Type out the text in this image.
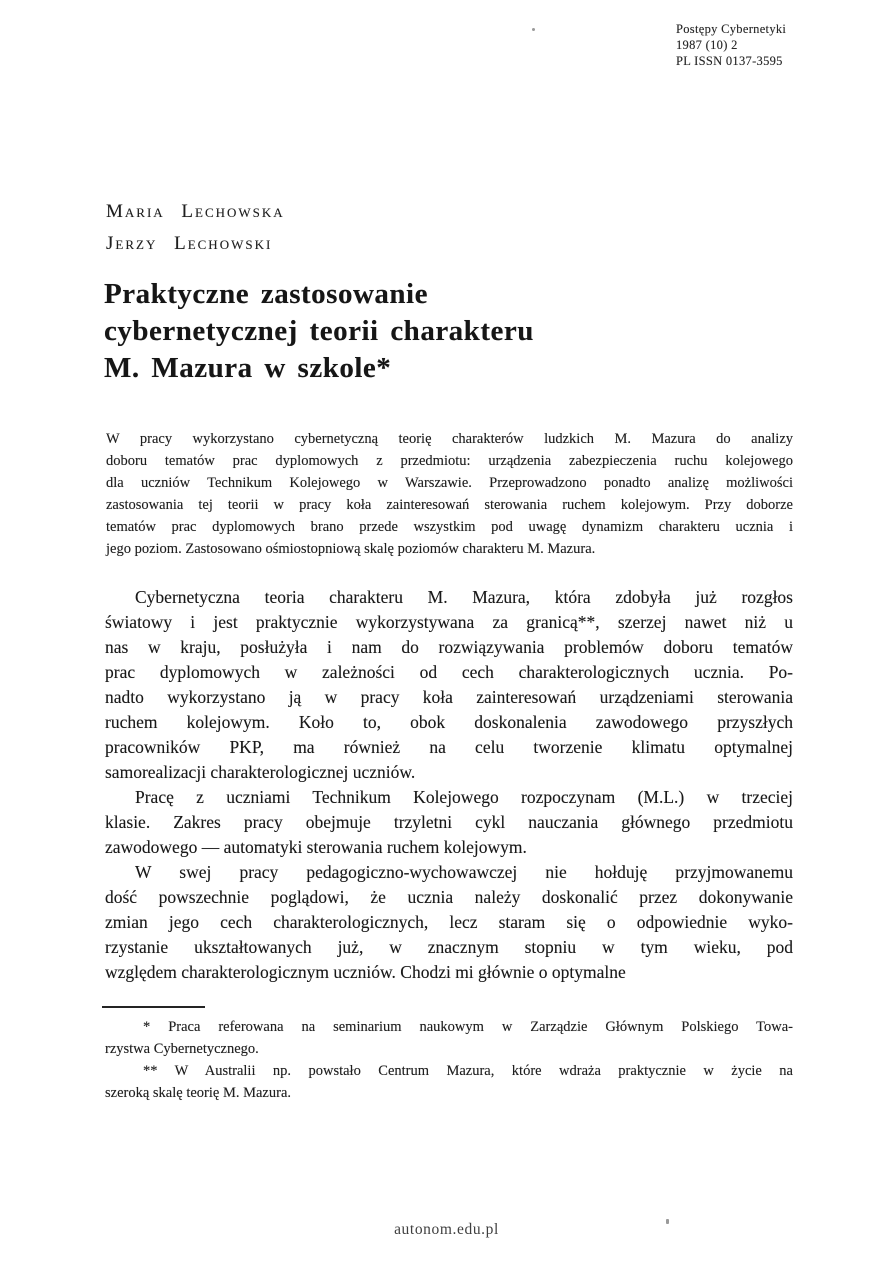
Postępy Cybernetyki
1987 (10) 2
PL ISSN 0137-3595
Maria Lechowska
Jerzy Lechowski
Praktyczne zastosowanie
cybernetycznej teorii charakteru
M. Mazura w szkole*
W pracy wykorzystano cybernetyczną teorię charakterów ludzkich M. Mazura do analizy
doboru tematów prac dyplomowych z przedmiotu: urządzenia zabezpieczenia ruchu kolejowego
dla uczniów Technikum Kolejowego w Warszawie. Przeprowadzono ponadto analizę możliwości
zastosowania tej teorii w pracy koła zainteresowań sterowania ruchem kolejowym. Przy doborze
tematów prac dyplomowych brano przede wszystkim pod uwagę dynamizm charakteru ucznia i
jego poziom. Zastosowano ośmiostopniową skalę poziomów charakteru M. Mazura.
Cybernetyczna teoria charakteru M. Mazura, która zdobyła już rozgłos
światowy i jest praktycznie wykorzystywana za granicą**, szerzej nawet niż u
nas w kraju, posłużyła i nam do rozwiązywania problemów doboru tematów
prac dyplomowych w zależności od cech charakterologicznych ucznia. Po-
nadto wykorzystano ją w pracy koła zainteresowań urządzeniami sterowania
ruchem kolejowym. Koło to, obok doskonalenia zawodowego przyszłych
pracowników PKP, ma również na celu tworzenie klimatu optymalnej
samorealizacji charakterologicznej uczniów.
Pracę z uczniami Technikum Kolejowego rozpoczynam (M.L.) w trzeciej
klasie. Zakres pracy obejmuje trzyletni cykl nauczania głównego przedmiotu
zawodowego — automatyki sterowania ruchem kolejowym.
W swej pracy pedagogiczno-wychowawczej nie hołduję przyjmowanemu
dość powszechnie poglądowi, że ucznia należy doskonalić przez dokonywanie
zmian jego cech charakterologicznych, lecz staram się o odpowiednie wyko-
rzystanie ukształtowanych już, w znacznym stopniu w tym wieku, pod
względem charakterologicznym uczniów. Chodzi mi głównie o optymalne
* Praca referowana na seminarium naukowym w Zarządzie Głównym Polskiego Towa-
rzystwa Cybernetycznego.
** W Australii np. powstało Centrum Mazura, które wdraża praktycznie w życie na
szeroką skalę teorię M. Mazura.
autonom.edu.pl
